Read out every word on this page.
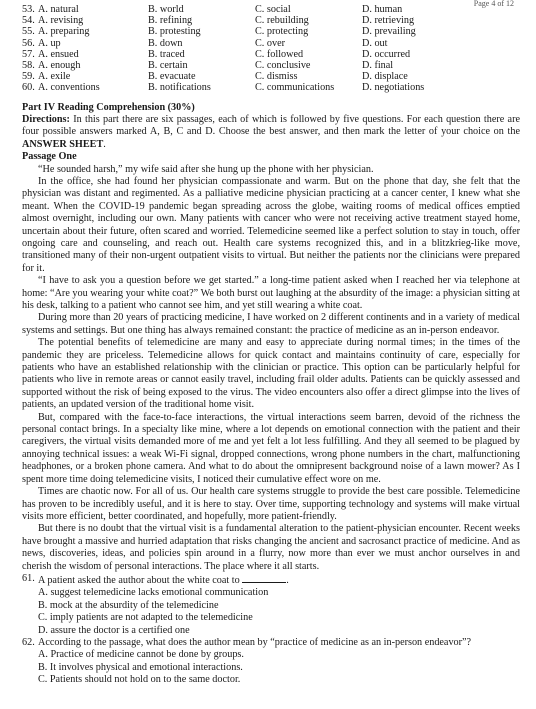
Page 4 of 12
53. A. natural	B. world	C. social	D. human
54. A. revising	B. refining	C. rebuilding	D. retrieving
55. A. preparing	B. protesting	C. protecting	D. prevailing
56. A. up	B. down	C. over	D. out
57. A. ensued	B. traced	C. followed	D. occurred
58. A. enough	B. certain	C. conclusive	D. final
59. A. exile	B. evacuate	C. dismiss	D. displace
60. A. conventions	B. notifications	C. communications	D. negotiations
Part IV Reading Comprehension (30%)

Directions: In this part there are six passages, each of which is followed by five questions. For each question there are four possible answers marked A, B, C and D. Choose the best answer, and then mark the letter of your choice on the ANSWER SHEET.

Passage One

“He sounded harsh,” my wife said after she hung up the phone with her physician.

In the office, she had found her physician compassionate and warm. But on the phone that day, she felt that the physician was distant and regimented. As a palliative medicine physician practicing at a cancer center, I knew what she meant. When the COVID-19 pandemic began spreading across the globe, waiting rooms of medical offices emptied almost overnight, including our own. Many patients with cancer who were not receiving active treatment stayed home, uncertain about their future, often scared and worried. Telemedicine seemed like a perfect solution to stay in touch, offer ongoing care and counseling, and reach out. Health care systems recognized this, and in a blitzkrieg-like move, transitioned many of their non-urgent outpatient visits to virtual. But neither the patients nor the clinicians were prepared for it.

“I have to ask you a question before we get started.” a long-time patient asked when I reached her via telephone at home: “Are you wearing your white coat?” We both burst out laughing at the absurdity of the image: a physician sitting at his desk, talking to a patient who cannot see him, and yet still wearing a white coat.

During more than 20 years of practicing medicine, I have worked on 2 different continents and in a variety of medical systems and settings. But one thing has always remained constant: the practice of medicine as an in-person endeavor.

The potential benefits of telemedicine are many and easy to appreciate during normal times; in the times of the pandemic they are priceless. Telemedicine allows for quick contact and maintains continuity of care, especially for patients who have an established relationship with the clinician or practice. This option can be particularly helpful for patients who live in remote areas or cannot easily travel, including frail older adults. Patients can be quickly assessed and supported without the risk of being exposed to the virus. The video encounters also offer a direct glimpse into the lives of patients, an updated version of the traditional home visit.

But, compared with the face-to-face interactions, the virtual interactions seem barren, devoid of the richness the personal contact brings. In a specialty like mine, where a lot depends on emotional connection with the patient and their caregivers, the virtual visits demanded more of me and yet felt a lot less fulfilling. And they all seemed to be plagued by annoying technical issues: a weak Wi-Fi signal, dropped connections, wrong phone numbers in the chart, malfunctioning headphones, or a broken phone camera. And what to do about the omnipresent background noise of a lawn mower? As I spent more time doing telemedicine visits, I noticed their cumulative effect wore on me.

Times are chaotic now. For all of us. Our health care systems struggle to provide the best care possible. Telemedicine has proven to be incredibly useful, and it is here to stay. Over time, supporting technology and systems will make virtual visits more efficient, better coordinated, and hopefully, more patient-friendly.

But there is no doubt that the virtual visit is a fundamental alteration to the patient-physician encounter. Recent weeks have brought a massive and hurried adaptation that risks changing the ancient and sacrosanct practice of medicine. And as news, discoveries, ideas, and policies spin around in a flurry, now more than ever we must anchor ourselves in and cherish the wisdom of personal interactions. The place where it all starts.

61. A patient asked the author about the white coat to	.
A. suggest telemedicine lacks emotional communication
B. mock at the absurdity of the telemedicine
C. imply patients are not adapted to the telemedicine
D. assure the doctor is a certified one
62. According to the passage, what does the author mean by “practice of medicine as an in-person endeavor”?
A. Practice of medicine cannot be done by groups.
B. It involves physical and emotional interactions.
C. Patients should not hold on to the same doctor.
